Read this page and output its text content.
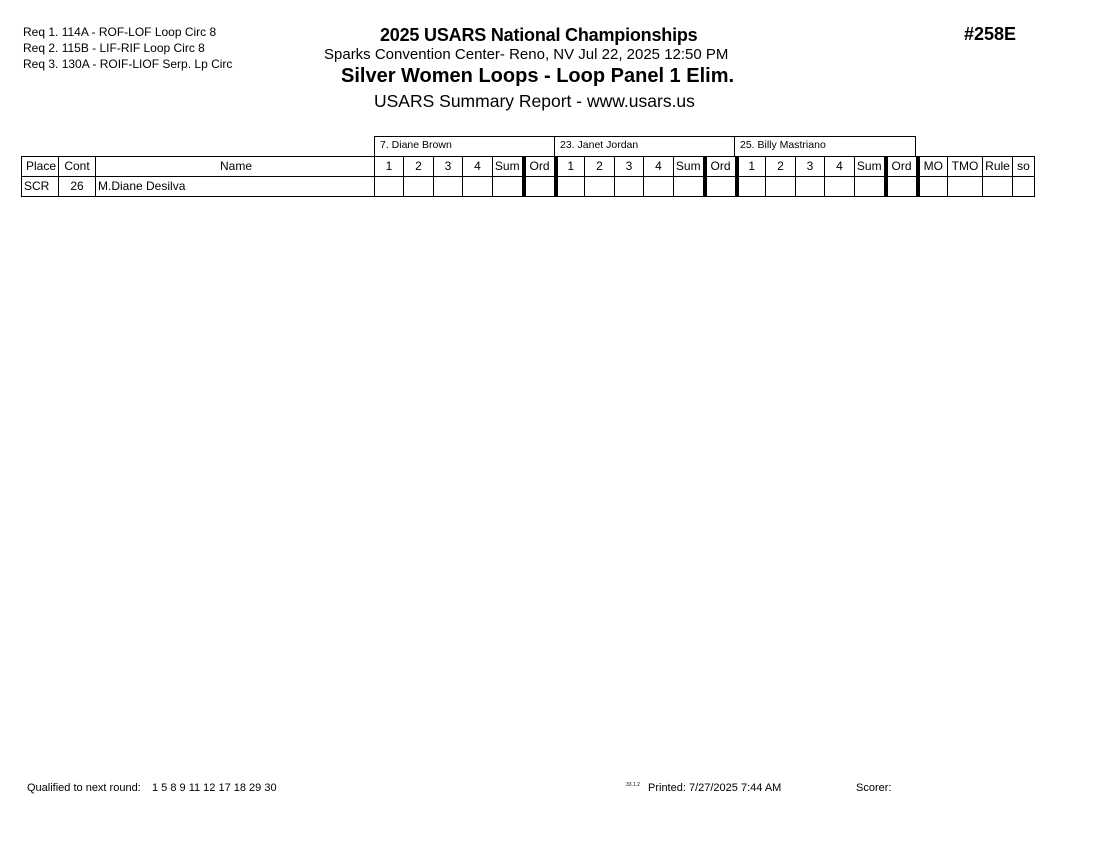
Req 1. 114A - ROF-LOF Loop Circ 8
Req 2. 115B - LIF-RIF Loop Circ 8
Req 3. 130A - ROIF-LIOF Serp. Lp Circ
2025 USARS National Championships
Sparks Convention Center- Reno, NV Jul 22, 2025 12:50 PM
Silver Women Loops - Loop Panel 1 Elim.
USARS Summary Report - www.usars.us
#258E
7. Diane Brown	23. Janet Jordan	25. Billy Mastriano
Place	Cont	Name	1	2	3	4	Sum	Ord	1	2	3	4	Sum	Ord	1	2	3	4	Sum	Ord	MO	TMO	Rule	so
SCR	26	M.Diane Desilva																						
Qualified to next round: 1 5 8 9 11 12 17 18 29 30	33.1.2 Printed: 7/27/2025 7:44 AM	Scorer:
